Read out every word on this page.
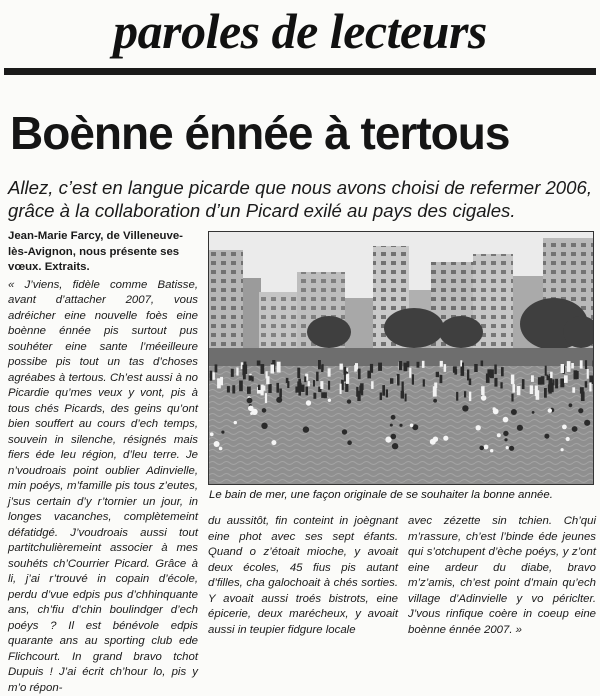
paroles de lecteurs
Boènne énnée à tertous
Allez, c’est en langue picarde que nous avons choisi de refermer 2006, grâce à la collaboration d’un Picard exilé au pays des cigales.
Jean-Marie Farcy, de Villeneuve-lès-Avignon, nous présente ses vœux. Extraits.
« J’viens, fidèle comme Batisse, avant d’attacher 2007, vous adréicher eine nouvelle foès eine boènne énnée pis surtout pus souhéter eine sante l’méeilleure possibe pis tout un tas d’choses agréabes à tertous. Ch’est aussi à no Picardie qu’mes veux y vont, pis à tous chés Picards, des geins qu’ont bien souffert au cours d’ech temps, souvein in silenche, résignés mais fiers éde leu région, d’leu terre. Je n’voudroais point oublier Adinvielle, min poéys, m’famille pis tous z’eutes, j’sus certain d’y r’tornier un jour, in longes vacanches, complètemeint défatidgé. J’voudroais aussi tout partitchulièremeint associer à mes souhéts ch’Courrier Picard. Grâce à li, j’ai r’trouvé in copain d’école, perdu d’vue edpis pus d’chhinquante ans, ch’fiu d’chin boulindger d’ech poéys ? Il est bénévole edpis quarante ans au sporting club ede Flichcourt. In grand bravo tchot Dupuis ! J’ai écrit ch’hour lo, pis y m’o répon-
Le bain de mer, une façon originale de se souhaiter la bonne année.
du aussitôt, fin conteint in joègnant eine phot avec ses sept éfants. Quand o z’étoait mioche, y avoait deux écoles, 45 fius pis autant d’filles, cha galochoait à chés sorties. Y avoait aussi troés bistrots, eine épicerie, deux marécheux, y avoait aussi in teupier fidgure locale
avec zézette sin tchien. Ch’qui m’rassure, ch’est l’binde éde jeunes qui s’otchupent d’èche poéys, y z’ont eine ardeur du diabe, bravo m’z’amis, ch’est point d’main qu’ech village d’Adinvielle y vo périclter. J’vous rinfique coère in coeup eine boènne énnée 2007. »
